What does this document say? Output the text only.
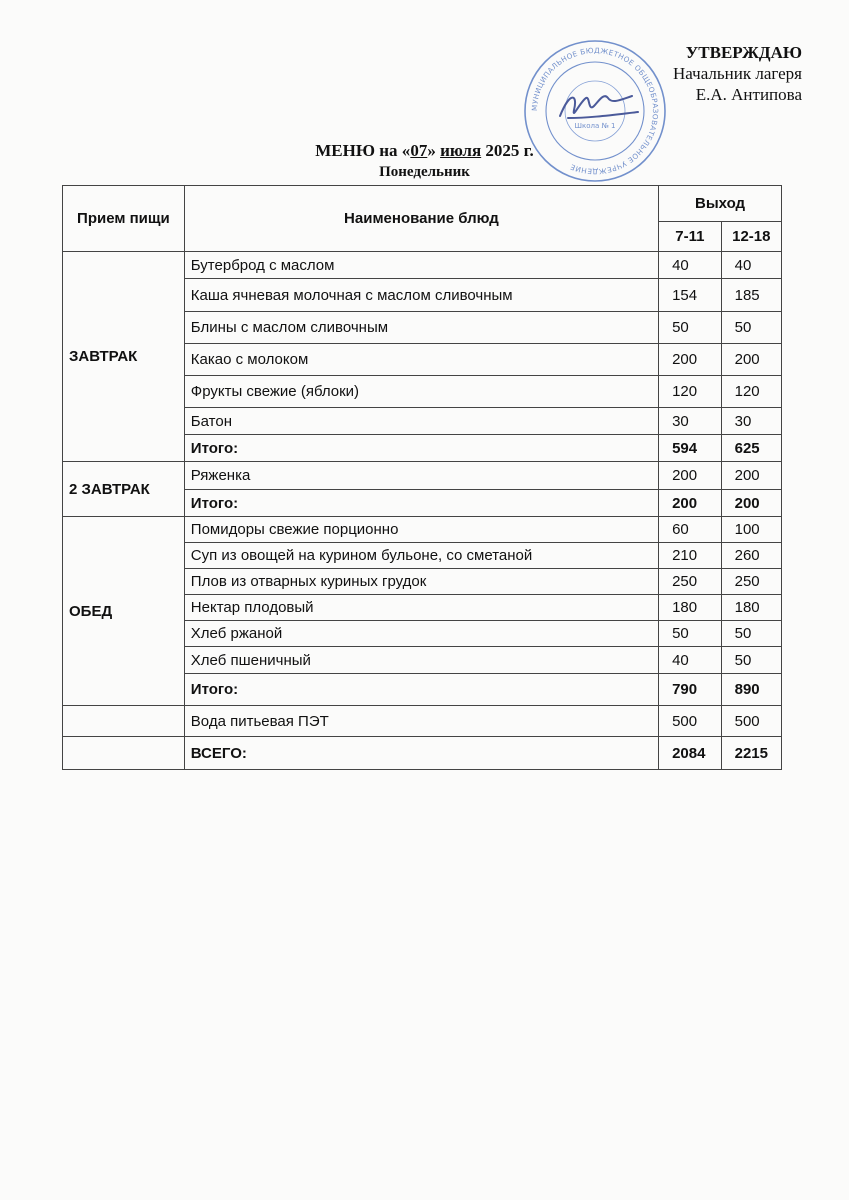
УТВЕРЖДАЮ
Начальник лагеря
Е.А. Антипова
МУНИЦИПАЛЬНОЕ БЮДЖЕТНОЕ ОБЩЕОБРАЗОВАТЕЛЬНОЕ УЧРЕЖДЕНИЕ
Школа № 1
МЕНЮ на «07» июля 2025 г.
Понедельник
Прием пищи	Наименование блюд	Выход	
		7-11	12-18
ЗАВТРАК	Бутерброд с маслом	40	40
	Каша ячневая молочная с маслом сливочным	154	185
	Блины с маслом сливочным	50	50
	Какао с молоком	200	200
	Фрукты свежие (яблоки)	120	120
	Батон	30	30
	Итого:	594	625
2 ЗАВТРАК	Ряженка	200	200
	Итого:	200	200
ОБЕД	Помидоры свежие порционно	60	100
	Суп из овощей на курином бульоне, со сметаной	210	260
	Плов из отварных куриных грудок	250	250
	Нектар плодовый	180	180
	Хлеб ржаной	50	50
	Хлеб пшеничный	40	50
	Итого:	790	890
	Вода питьевая ПЭТ	500	500
	ВСЕГО:	2084	2215
